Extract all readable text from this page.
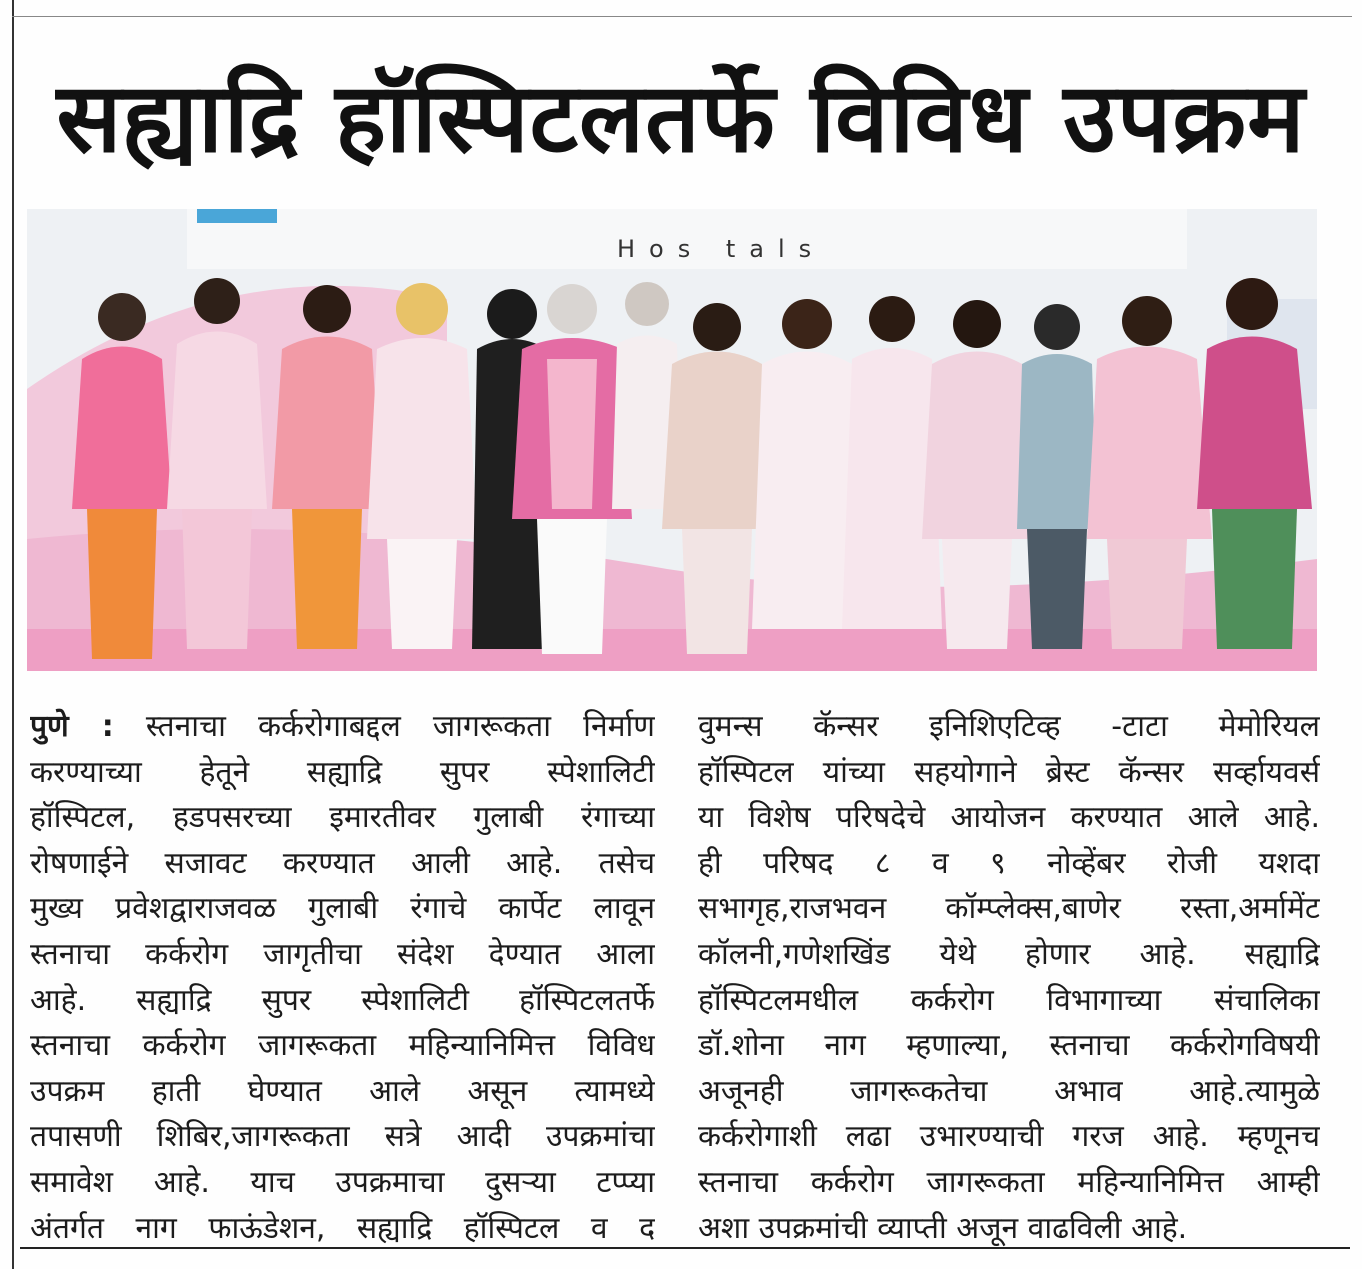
सह्याद्रि हॉस्पिटलतर्फे विविध उपक्रम
Hos tals
पुणे : स्तनाचा कर्करोगाबद्दल जागरूकता निर्माण
करण्याच्या हेतूने सह्याद्रि सुपर स्पेशालिटी
हॉस्पिटल, हडपसरच्या इमारतीवर गुलाबी रंगाच्या
रोषणाईने सजावट करण्यात आली आहे. तसेच
मुख्य प्रवेशद्वाराजवळ गुलाबी रंगाचे कार्पेट लावून
स्तनाचा कर्करोग जागृतीचा संदेश देण्यात आला
आहे. सह्याद्रि सुपर स्पेशालिटी हॉस्पिटलतर्फे
स्तनाचा कर्करोग जागरूकता महिन्यानिमित्त विविध
उपक्रम हाती घेण्यात आले असून त्यामध्ये
तपासणी शिबिर,जागरूकता सत्रे आदी उपक्रमांचा
समावेश आहे. याच उपक्रमाचा दुसर्‍या टप्प्या
अंतर्गत नाग फाऊंडेशन, सह्याद्रि हॉस्पिटल व द
वुमन्स कॅन्सर इनिशिएटिव्ह -टाटा मेमोरियल
हॉस्पिटल यांच्या सहयोगाने ब्रेस्ट कॅन्सर सर्व्हायवर्स
या विशेष परिषदेचे आयोजन करण्यात आले आहे.
ही परिषद ८ व ९ नोव्हेंबर रोजी यशदा
सभागृह,राजभवन कॉम्प्लेक्स,बाणेर रस्ता,अर्मामेंट
कॉलनी,गणेशखिंड येथे होणार आहे. सह्याद्रि
हॉस्पिटलमधील कर्करोग विभागाच्या संचालिका
डॉ.शोना नाग म्हणाल्या, स्तनाचा कर्करोगविषयी
अजूनही जागरूकतेचा अभाव आहे.त्यामुळे
कर्करोगाशी लढा उभारण्याची गरज आहे. म्हणूनच
स्तनाचा कर्करोग जागरूकता महिन्यानिमित्त आम्ही
अशा उपक्रमांची व्याप्ती अजून वाढविली आहे.
